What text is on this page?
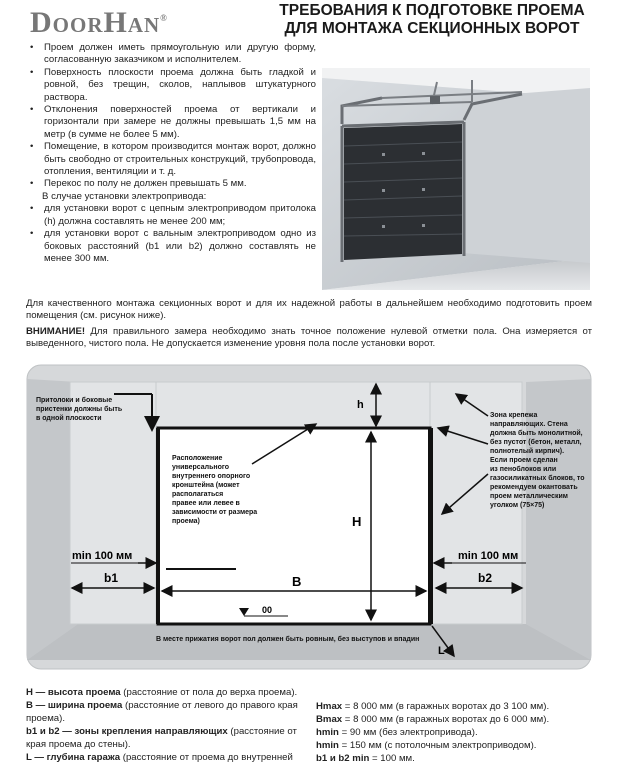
DoorHan®	ТРЕБОВАНИЯ К ПОДГОТОВКЕ ПРОЕМА
ДЛЯ МОНТАЖА СЕКЦИОННЫХ ВОРОТ
• Проем должен иметь прямоугольную или другую форму, согласованную заказчиком и исполнителем.
• Поверхность плоскости проема должна быть гладкой и ровной, без трещин, сколов, наплывов штукатурного раствора.
• Отклонения поверхностей проема от вертикали и горизонтали при замере не должны превышать 1,5 мм на метр (в сумме не более 5 мм).
• Помещение, в котором производится монтаж ворот, должно быть свободно от строительных конструкций, трубопровода, отопления, вентиляции и т. д.
• Перекос по полу не должен превышать 5 мм.
В случае установки электропривода:
• для установки ворот с цепным электроприводом притолока (h) должна составлять не менее 200 мм;
• для установки ворот с вальным электроприводом одно из боковых расстояний (b1 или b2) должно составлять не менее 300 мм.

Для качественного монтажа секционных ворот и для их надежной работы в дальнейшем необходимо подготовить проем помещения (см. рисунок ниже).

ВНИМАНИЕ! Для правильного замера необходимо знать точное положение нулевой отметки пола. Она измеряется от выведенного, чистого пола. Не допускается изменение уровня пола после установки ворот.

h
H
B
min 100 мм
b1
min 100 мм
b2
00
L
Притолоки и боковые
пристенки должны быть
в одной плоскости
Расположение
универсального
внутреннего опорного
кронштейна (может
располагаться
правее или левее в
зависимости от размера
проема)
Зона крепежа
направляющих. Стена
должна быть монолитной,
без пустот (бетон, металл,
полнотелый кирпич).
Если проем сделан
из пеноблоков или
газосиликатных блоков, то
рекомендуем окантовать
проем металлическим
уголком (75×75)
В месте прижатия ворот пол должен быть ровным, без выступов и впадин
H — высота проема (расстояние от пола до верха проема).
B — ширина проема (расстояние от левого до правого края проема).
b1 и b2 — зоны крепления направляющих (расстояние от края проема до стены).
L — глубина гаража (расстояние от проема до внутренней
Hmax = 8 000 мм (в гаражных воротах до 3 100 мм).
Bmax = 8 000 мм (в гаражных воротах до 6 000 мм).
hmin = 90 мм (без электропривода).
hmin = 150 мм (с потолочным электроприводом).
b1 и b2 min = 100 мм.
